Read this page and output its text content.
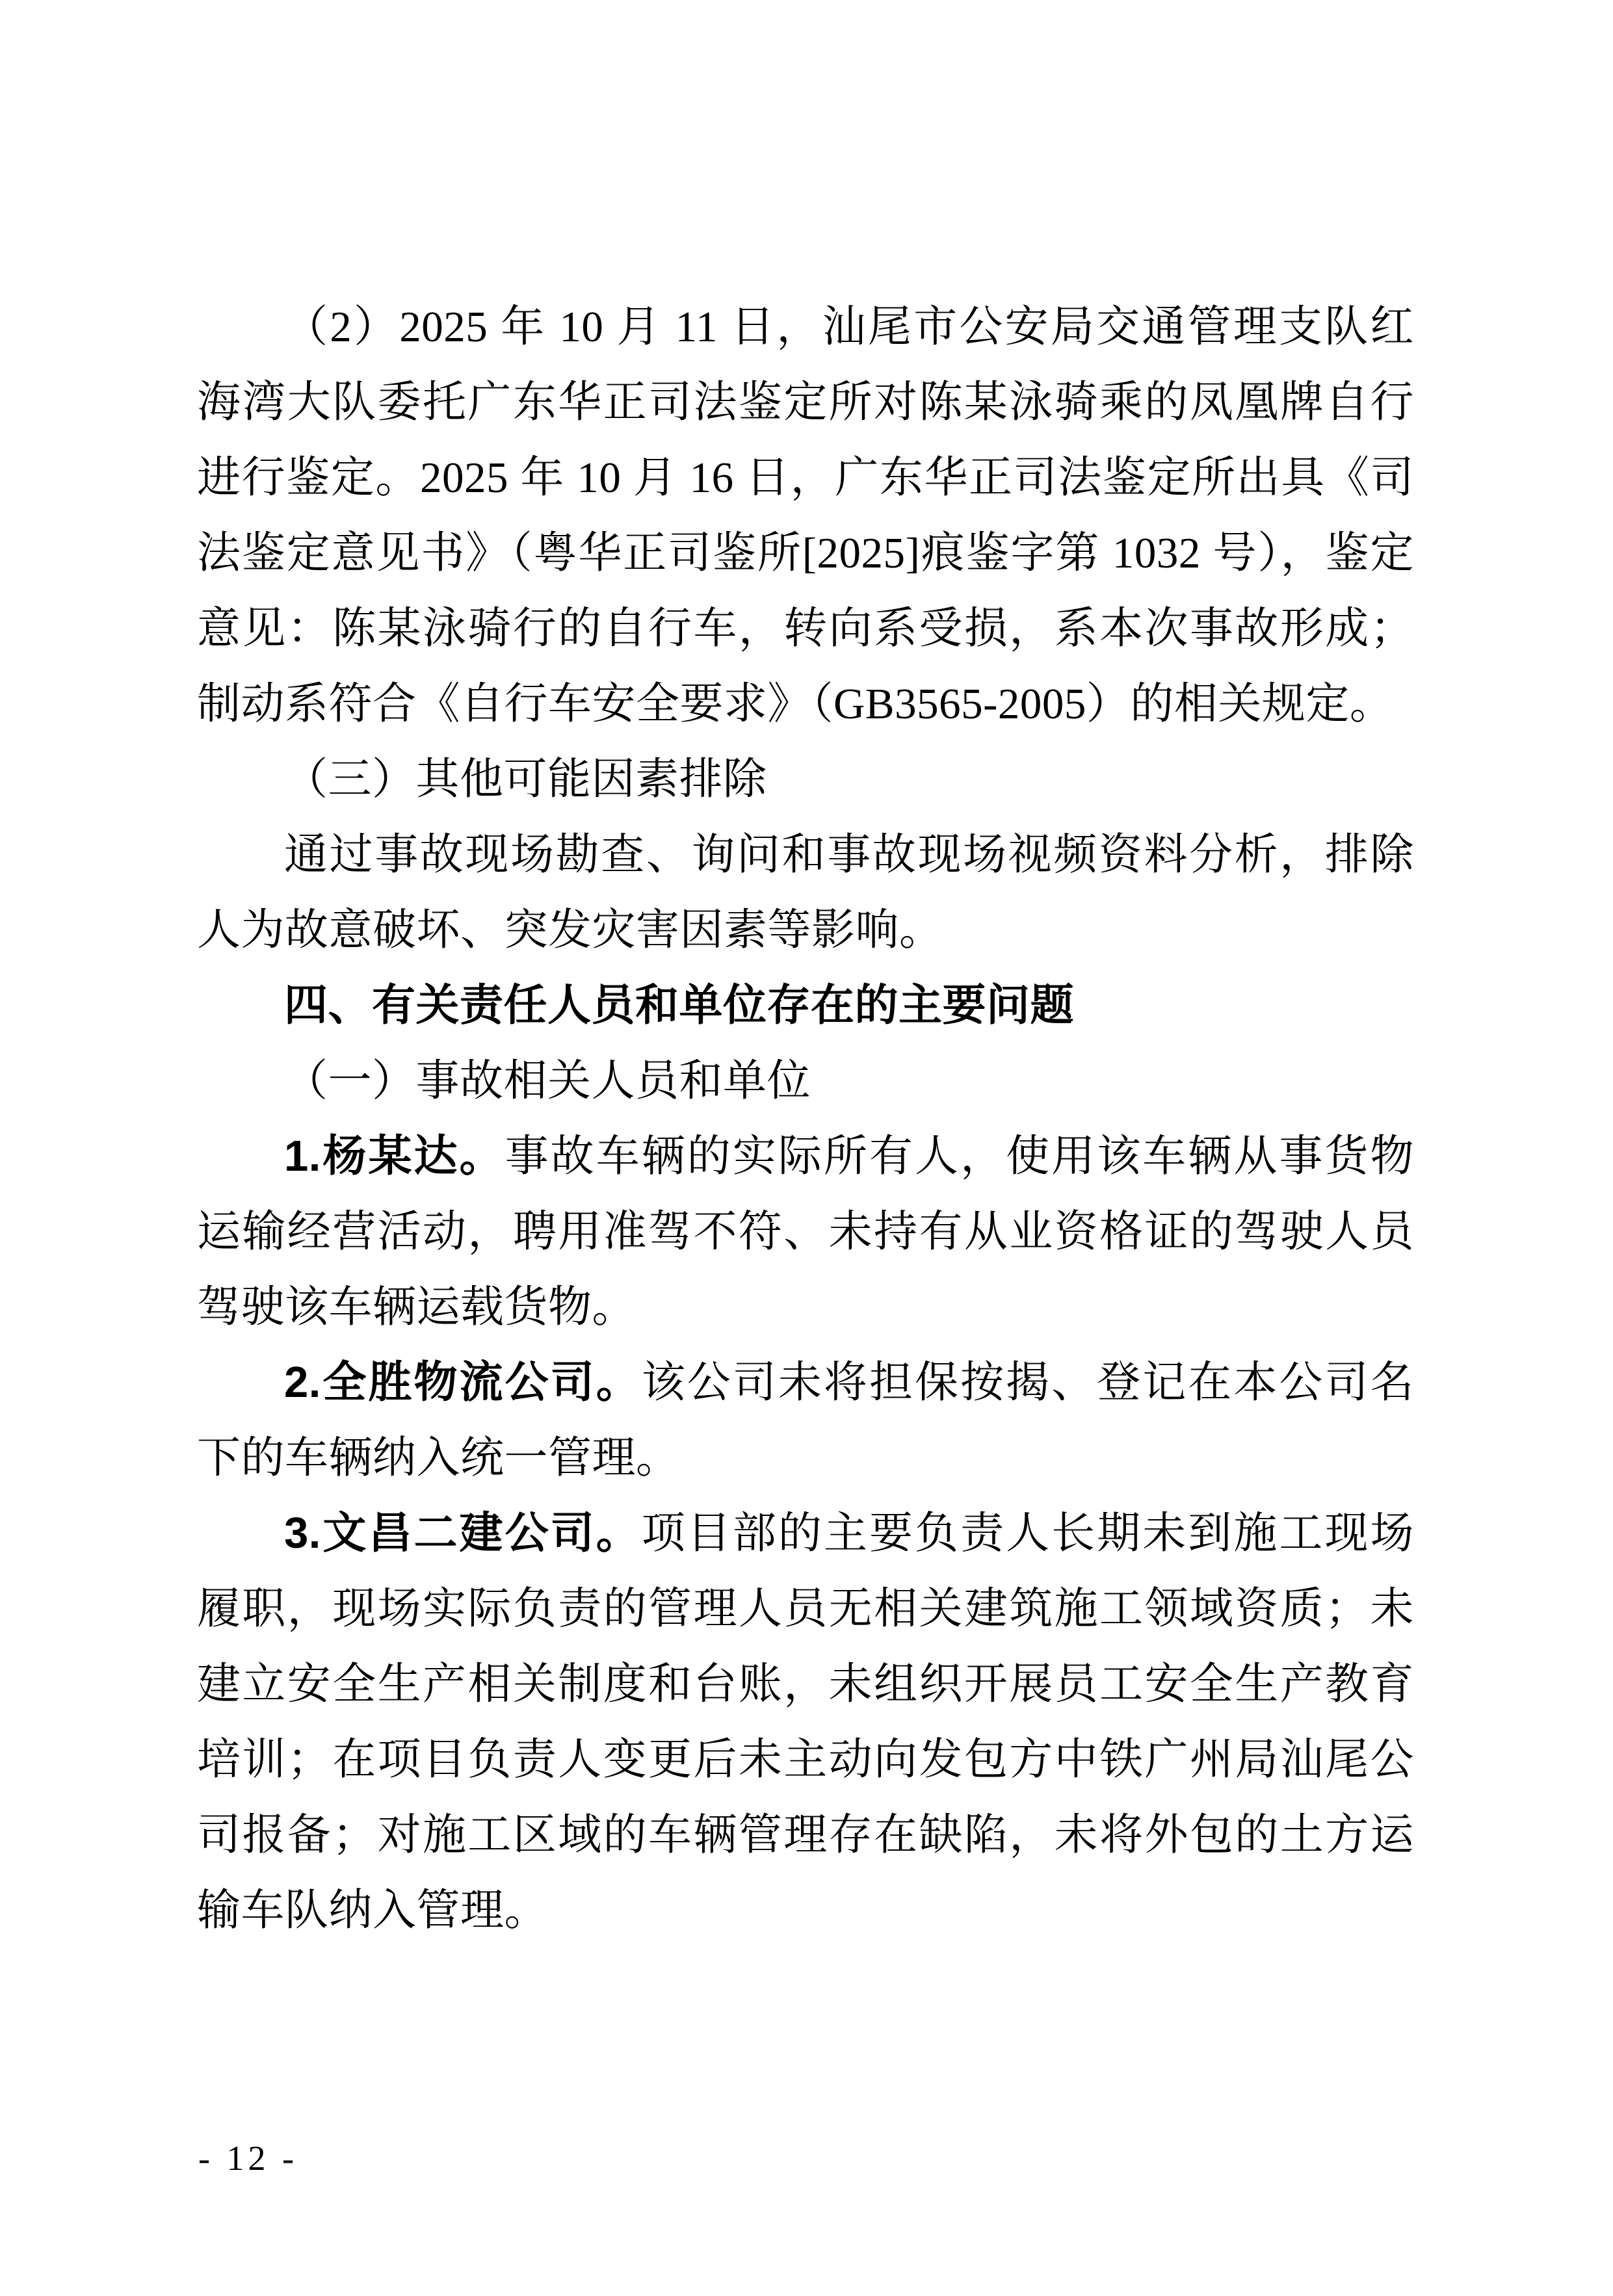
（2）2025 年 10 月 11 日，汕尾市公安局交通管理支队红海湾大队委托广东华正司法鉴定所对陈某泳骑乘的凤凰牌自行进行鉴定。2025 年 10 月 16 日，广东华正司法鉴定所出具《司法鉴定意见书》（粤华正司鉴所[2025]痕鉴字第 1032 号），鉴定意见：陈某泳骑行的自行车，转向系受损，系本次事故形成；制动系符合《自行车安全要求》（GB3565-2005）的相关规定。

（三）其他可能因素排除

通过事故现场勘查、询问和事故现场视频资料分析，排除人为故意破坏、突发灾害因素等影响。

四、有关责任人员和单位存在的主要问题

（一）事故相关人员和单位

1.杨某达。事故车辆的实际所有人，使用该车辆从事货物运输经营活动，聘用准驾不符、未持有从业资格证的驾驶人员驾驶该车辆运载货物。

2.全胜物流公司。该公司未将担保按揭、登记在本公司名下的车辆纳入统一管理。

3.文昌二建公司。项目部的主要负责人长期未到施工现场履职，现场实际负责的管理人员无相关建筑施工领域资质；未建立安全生产相关制度和台账，未组织开展员工安全生产教育培训；在项目负责人变更后未主动向发包方中铁广州局汕尾公司报备；对施工区域的车辆管理存在缺陷，未将外包的土方运输车队纳入管理。

- 12 -
